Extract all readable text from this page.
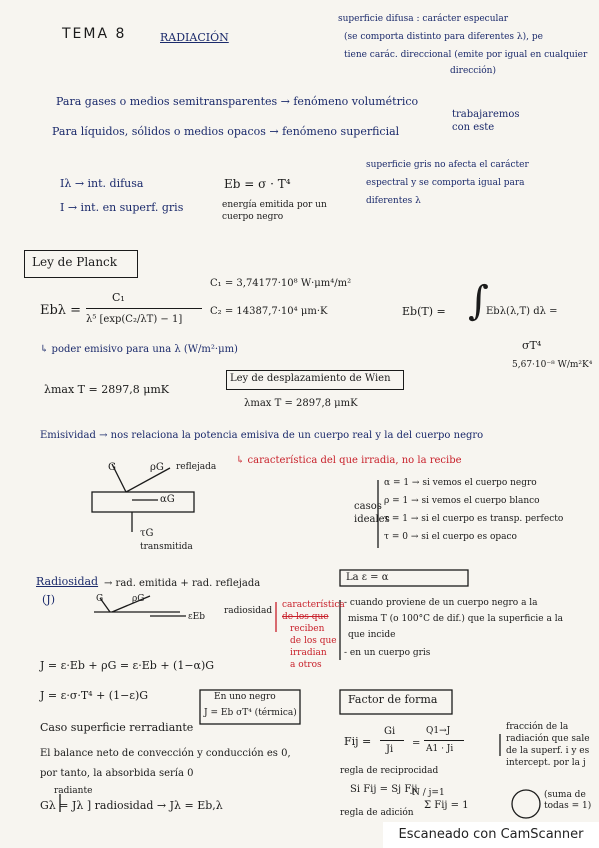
TEMA 8	RADIACIÓN
superficie difusa : carácter especular
(se comporta distinto para diferentes λ), pe
tiene carác. direccional (emite por igual en cualquier
dirección)
Para gases o medios semitransparentes → fenómeno volumétrico
Para líquidos, sólidos o medios opacos → fenómeno superficial
trabajaremos con este
Iλ → int. difusa
I → int. en superf. gris
Eb = σ · T⁴
energía emitida por un cuerpo negro
superficie gris no afecta el carácter
espectral y se comporta igual para
diferentes λ
Ley de Planck
C₁ = 3,74177·10⁸ W·μm⁴/m²
C₂ = 14387,7·10⁴ μm·K
Ebλ =
C₁
λ⁵ [exp(C₂/λT) − 1]
Eb(T) = ∫
Ebλ(λ,T) dλ =
σT⁴
5,67·10⁻⁸ W/m²K⁴
↳ poder emisivo para una λ (W/m²·μm)
λmax T = 2897,8 μmK
Ley de desplazamiento de Wien
λmax T = 2897,8 μmK
Emisividad → nos relaciona la potencia emisiva de un cuerpo real y la del cuerpo negro
↳ característica del que irradia, no la recibe
G	ρG reflejada
αG
τG
transmitida
casos ideales
α = 1 → si vemos el cuerpo negro
ρ = 1 → si vemos el cuerpo blanco
τ = 1 → si el cuerpo es transp. perfecto
τ = 0 → si el cuerpo es opaco
Radiosidad
(J)
→ rad. emitida + rad. reflejada
ρG
G
εEb
radiosidad
característica
de los que
reciben
de los que
irradian
a otros
La ε = α
- cuando proviene de un cuerpo negro a la
misma T (o 100°C de dif.) que la superficie a la
que incide
- en un cuerpo gris
J = ε·Eb + ρG = ε·Eb + (1−α)G
J = ε·σ·T⁴ + (1−ε)G	En uno negro
J = Eb σT⁴ (térmica)
Caso superficie rerradiante
El balance neto de convección y conducción es 0,
por tanto, la absorbida sería 0
radiante
Gλ = Jλ ] radiosidad → Jλ = Eb,λ
Factor de forma
Fij =
Gi
Ji
=
Q1→J
A1 · Ji
fracción de la
radiación que sale
de la superf. i y es
intercept. por la j
regla de reciprocidad
Si Fij = Sj Fji
regla de adición
Σ Fij = 1
N / j=1	(suma de todas = 1)
Escaneado con CamScanner
